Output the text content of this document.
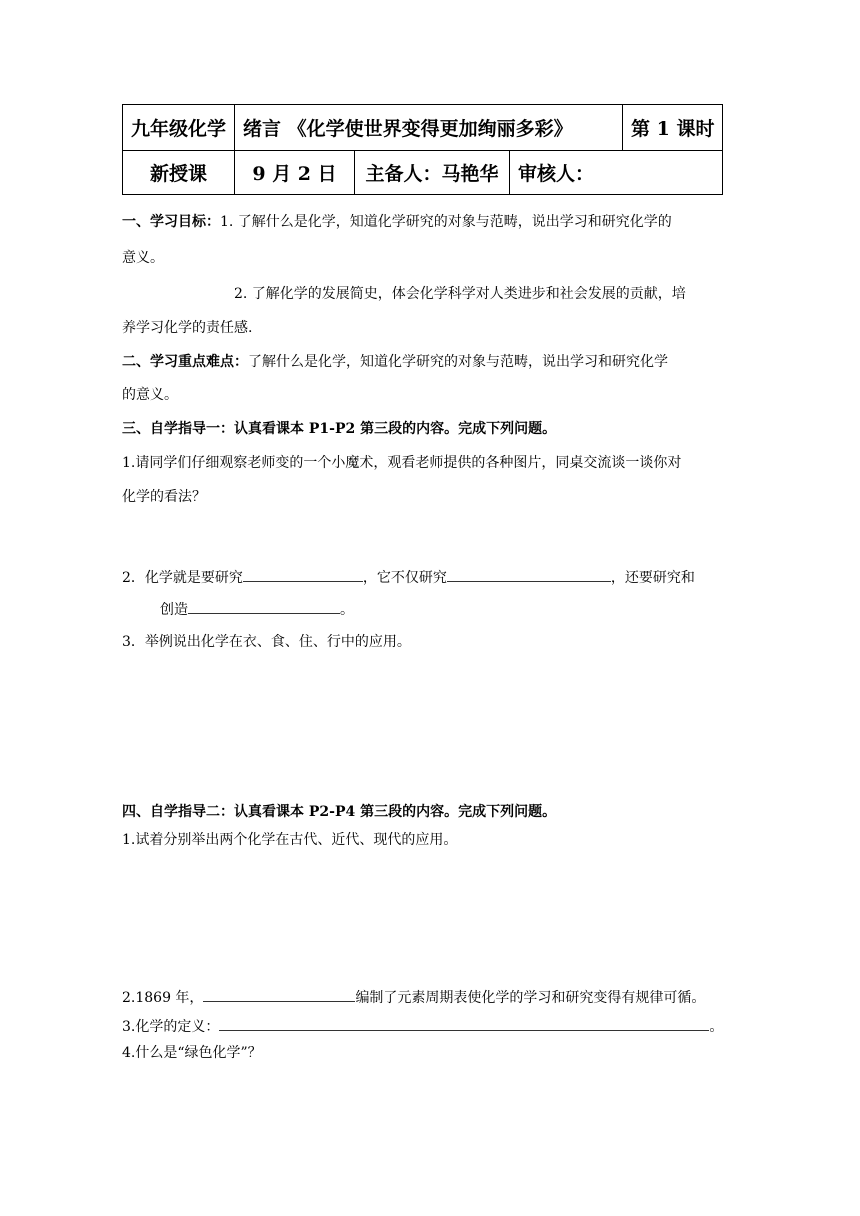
九年级化学	绪言 《化学使世界变得更加绚丽多彩》			第 1 课时
新授课	9 月 2 日	主备人：马艳华	审核人：	
一、学习目标：1. 了解什么是化学，知道化学研究的对象与范畴，说出学习和研究化学的
意义。
2. 了解化学的发展简史，体会化学科学对人类进步和社会发展的贡献，培
养学习化学的责任感.
二、学习重点难点：了解什么是化学，知道化学研究的对象与范畴，说出学习和研究化学
的意义。
三、自学指导一：认真看课本 P1-P2 第三段的内容。完成下列问题。
1.请同学们仔细观察老师变的一个小魔术，观看老师提供的各种图片，同桌交流谈一谈你对
化学的看法？
2．化学就是要研究	，它不仅研究	，还要研究和
创造	。
3．举例说出化学在衣、食、住、行中的应用。
四、自学指导二：认真看课本 P2-P4 第三段的内容。完成下列问题。
1.试着分别举出两个化学在古代、近代、现代的应用。
2.1869 年，	编制了元素周期表使化学的学习和研究变得有规律可循。
3.化学的定义：	。
4.什么是“绿色化学”？
